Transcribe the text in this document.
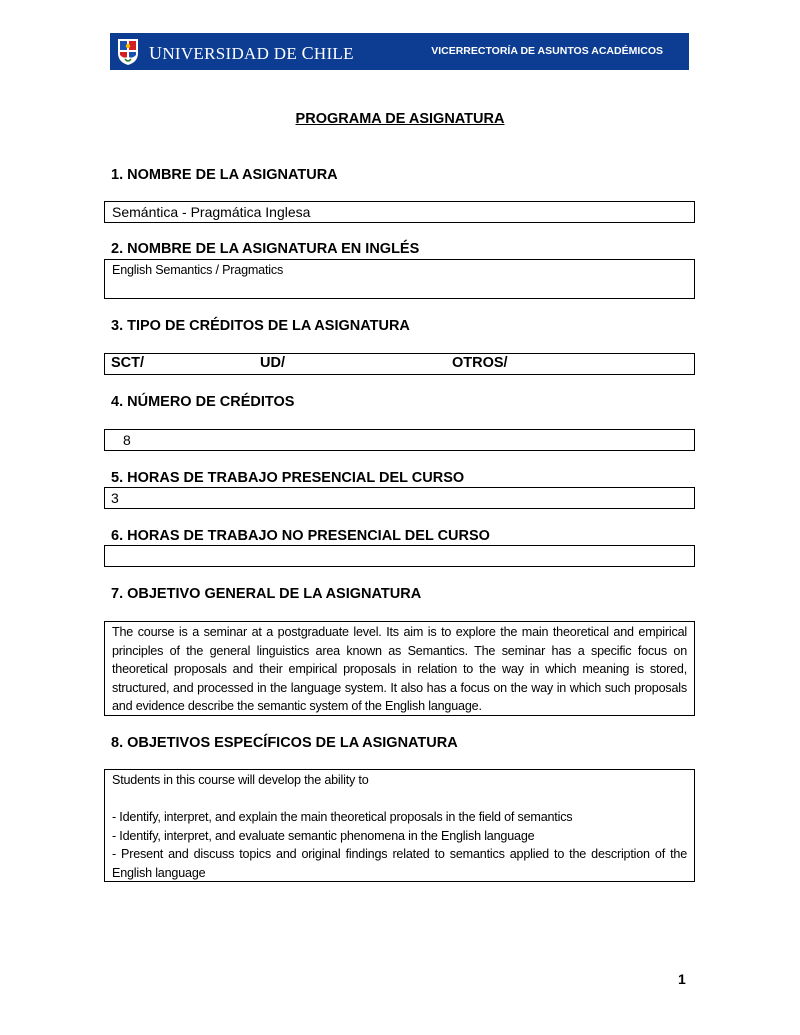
UNIVERSIDAD DE CHILE	VICERRECTORÍA DE ASUNTOS ACADÉMICOS
PROGRAMA DE ASIGNATURA
1. NOMBRE DE LA ASIGNATURA
Semántica - Pragmática Inglesa
2. NOMBRE DE LA ASIGNATURA EN INGLÉS
English Semantics / Pragmatics
3. TIPO DE CRÉDITOS DE LA ASIGNATURA
SCT/	UD/	OTROS/
4. NÚMERO DE CRÉDITOS
8
5. HORAS DE TRABAJO PRESENCIAL DEL CURSO
3
6. HORAS DE TRABAJO NO PRESENCIAL DEL CURSO
7. OBJETIVO GENERAL DE LA ASIGNATURA
The course is a seminar at a postgraduate level. Its aim is to explore the main theoretical and empirical principles of the general linguistics area known as Semantics. The seminar has a specific focus on theoretical proposals and their empirical proposals in relation to the way in which meaning is stored, structured, and processed in the language system. It also has a focus on the way in which such proposals and evidence describe the semantic system of the English language.
8. OBJETIVOS ESPECÍFICOS DE LA ASIGNATURA
Students in this course will develop the ability to
- Identify, interpret, and explain the main theoretical proposals in the field of semantics
- Identify, interpret, and evaluate semantic phenomena in the English language
- Present and discuss topics and original findings related to semantics applied to the description of the English language
1
